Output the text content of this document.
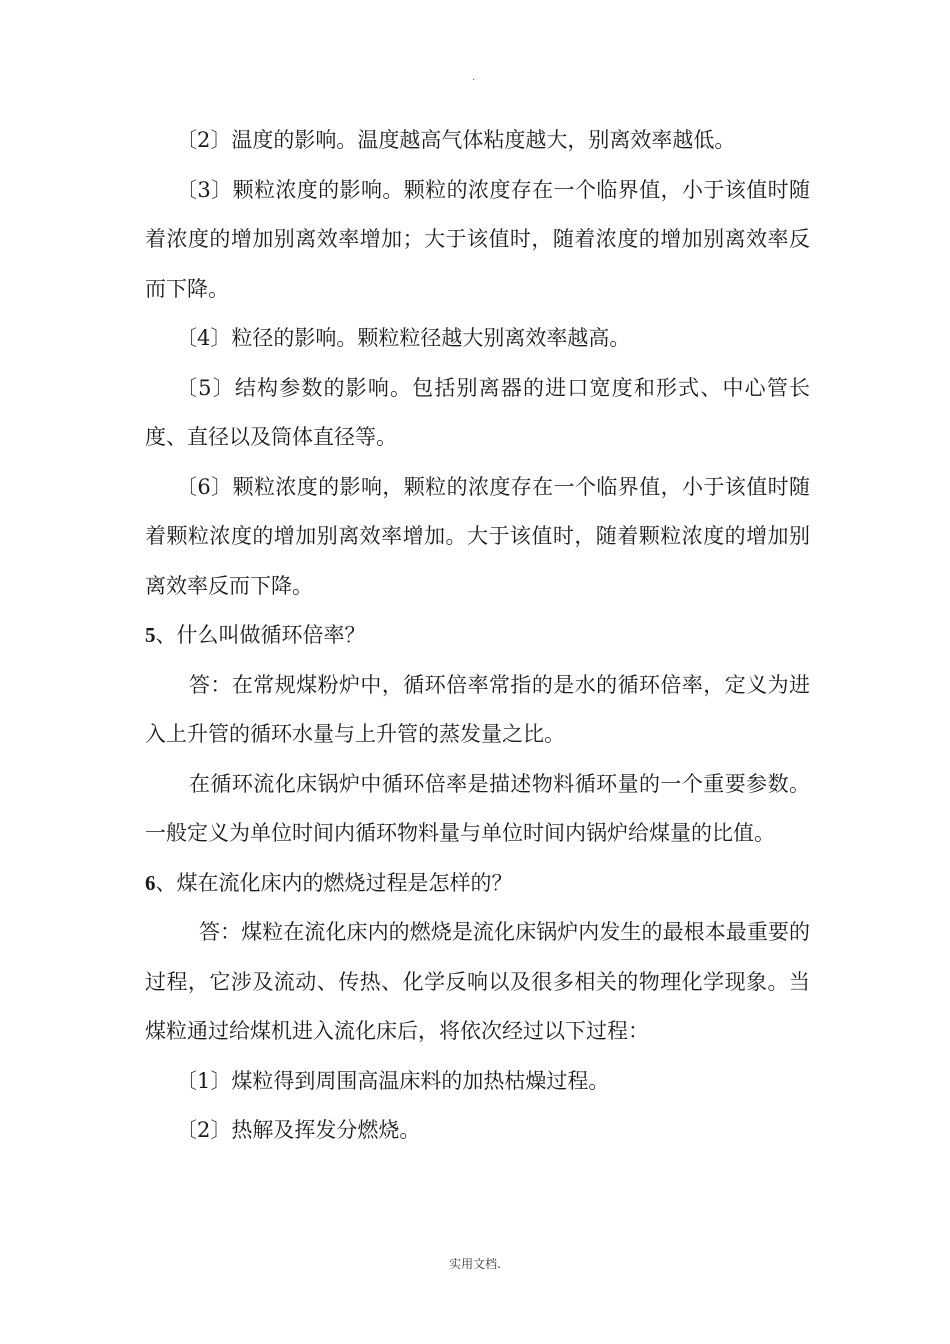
.

〔2〕温度的影响。温度越高气体粘度越大，别离效率越低。

〔3〕颗粒浓度的影响。颗粒的浓度存在一个临界值，小于该值时随着浓度的增加别离效率增加；大于该值时，随着浓度的增加别离效率反而下降。

〔4〕粒径的影响。颗粒粒径越大别离效率越高。

〔5〕结构参数的影响。包括别离器的进口宽度和形式、中心管长度、直径以及筒体直径等。

〔6〕颗粒浓度的影响，颗粒的浓度存在一个临界值，小于该值时随着颗粒浓度的增加别离效率增加。大于该值时，随着颗粒浓度的增加别离效率反而下降。

5、什么叫做循环倍率？

答：在常规煤粉炉中，循环倍率常指的是水的循环倍率，定义为进入上升管的循环水量与上升管的蒸发量之比。

在循环流化床锅炉中循环倍率是描述物料循环量的一个重要参数。一般定义为单位时间内循环物料量与单位时间内锅炉给煤量的比值。

6、煤在流化床内的燃烧过程是怎样的？

答：煤粒在流化床内的燃烧是流化床锅炉内发生的最根本最重要的过程，它涉及流动、传热、化学反响以及很多相关的物理化学现象。当煤粒通过给煤机进入流化床后，将依次经过以下过程：

〔1〕煤粒得到周围高温床料的加热枯燥过程。

〔2〕热解及挥发分燃烧。

实用文档.
